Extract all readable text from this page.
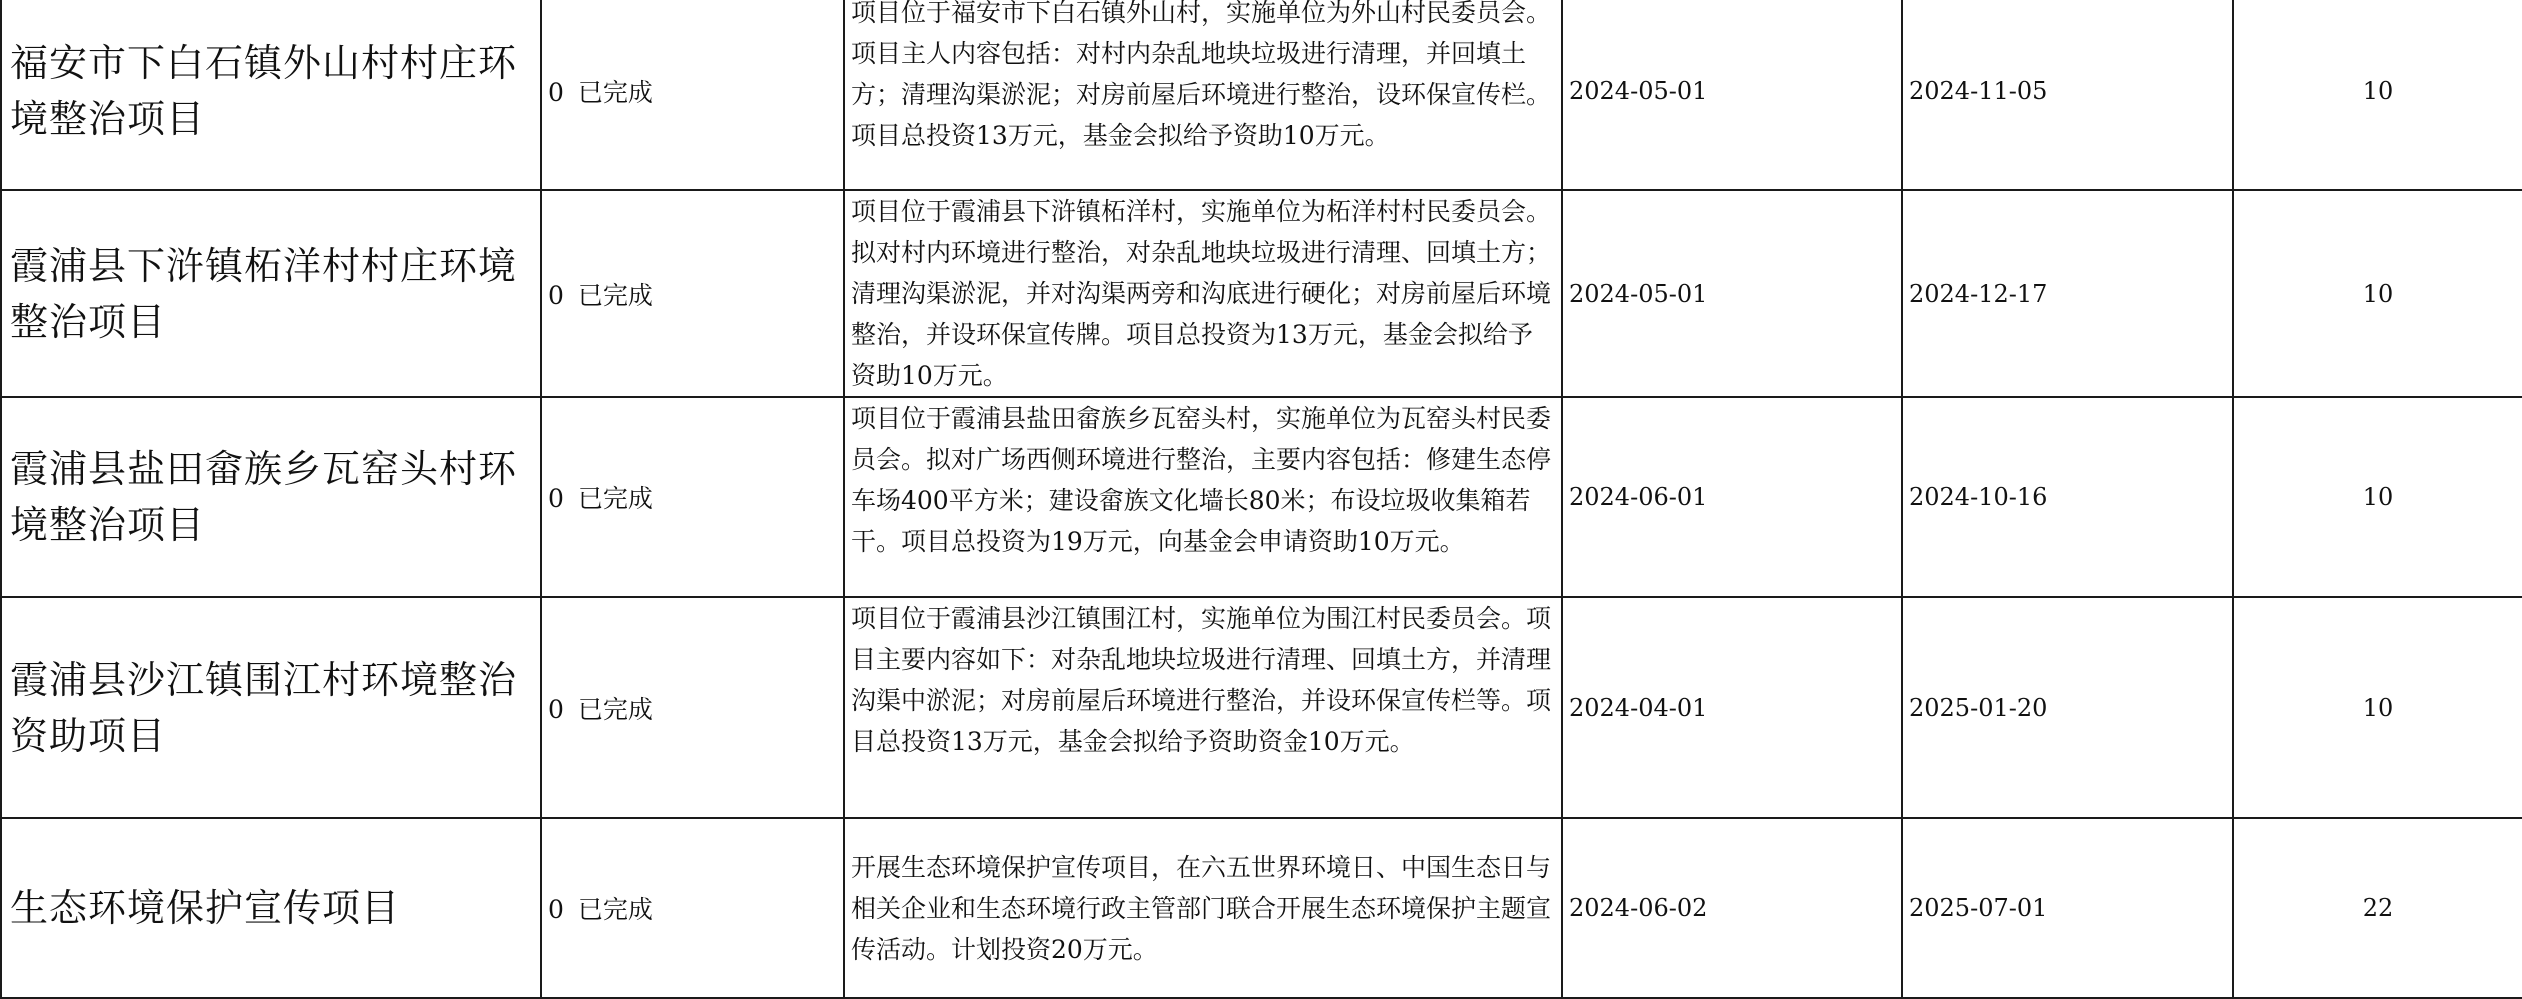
福安市下白石镇外山村村庄环境整治项目	0 已完成	项目位于福安市下白石镇外山村，实施单位为外山村民委员会。项目主人内容包括：对村内杂乱地块垃圾进行清理，并回填土方；清理沟渠淤泥；对房前屋后环境进行整治，设环保宣传栏。项目总投资13万元，基金会拟给予资助10万元。	2024-05-01	2024-11-05	10
霞浦县下浒镇柘洋村村庄环境整治项目	0 已完成	项目位于霞浦县下浒镇柘洋村，实施单位为柘洋村村民委员会。拟对村内环境进行整治，对杂乱地块垃圾进行清理、回填土方；清理沟渠淤泥，并对沟渠两旁和沟底进行硬化；对房前屋后环境整治，并设环保宣传牌。项目总投资为13万元，基金会拟给予资助10万元。	2024-05-01	2024-12-17	10
霞浦县盐田畲族乡瓦窑头村环境整治项目	0 已完成	项目位于霞浦县盐田畲族乡瓦窑头村，实施单位为瓦窑头村民委员会。拟对广场西侧环境进行整治，主要内容包括：修建生态停车场400平方米；建设畲族文化墙长80米；布设垃圾收集箱若干。项目总投资为19万元，向基金会申请资助10万元。	2024-06-01	2024-10-16	10
霞浦县沙江镇围江村环境整治资助项目	0 已完成	项目位于霞浦县沙江镇围江村，实施单位为围江村民委员会。项目主要内容如下：对杂乱地块垃圾进行清理、回填土方，并清理沟渠中淤泥；对房前屋后环境进行整治，并设环保宣传栏等。项目总投资13万元，基金会拟给予资助资金10万元。	2024-04-01	2025-01-20	10
生态环境保护宣传项目	0 已完成	开展生态环境保护宣传项目，在六五世界环境日、中国生态日与相关企业和生态环境行政主管部门联合开展生态环境保护主题宣传活动。计划投资20万元。	2024-06-02	2025-07-01	22
